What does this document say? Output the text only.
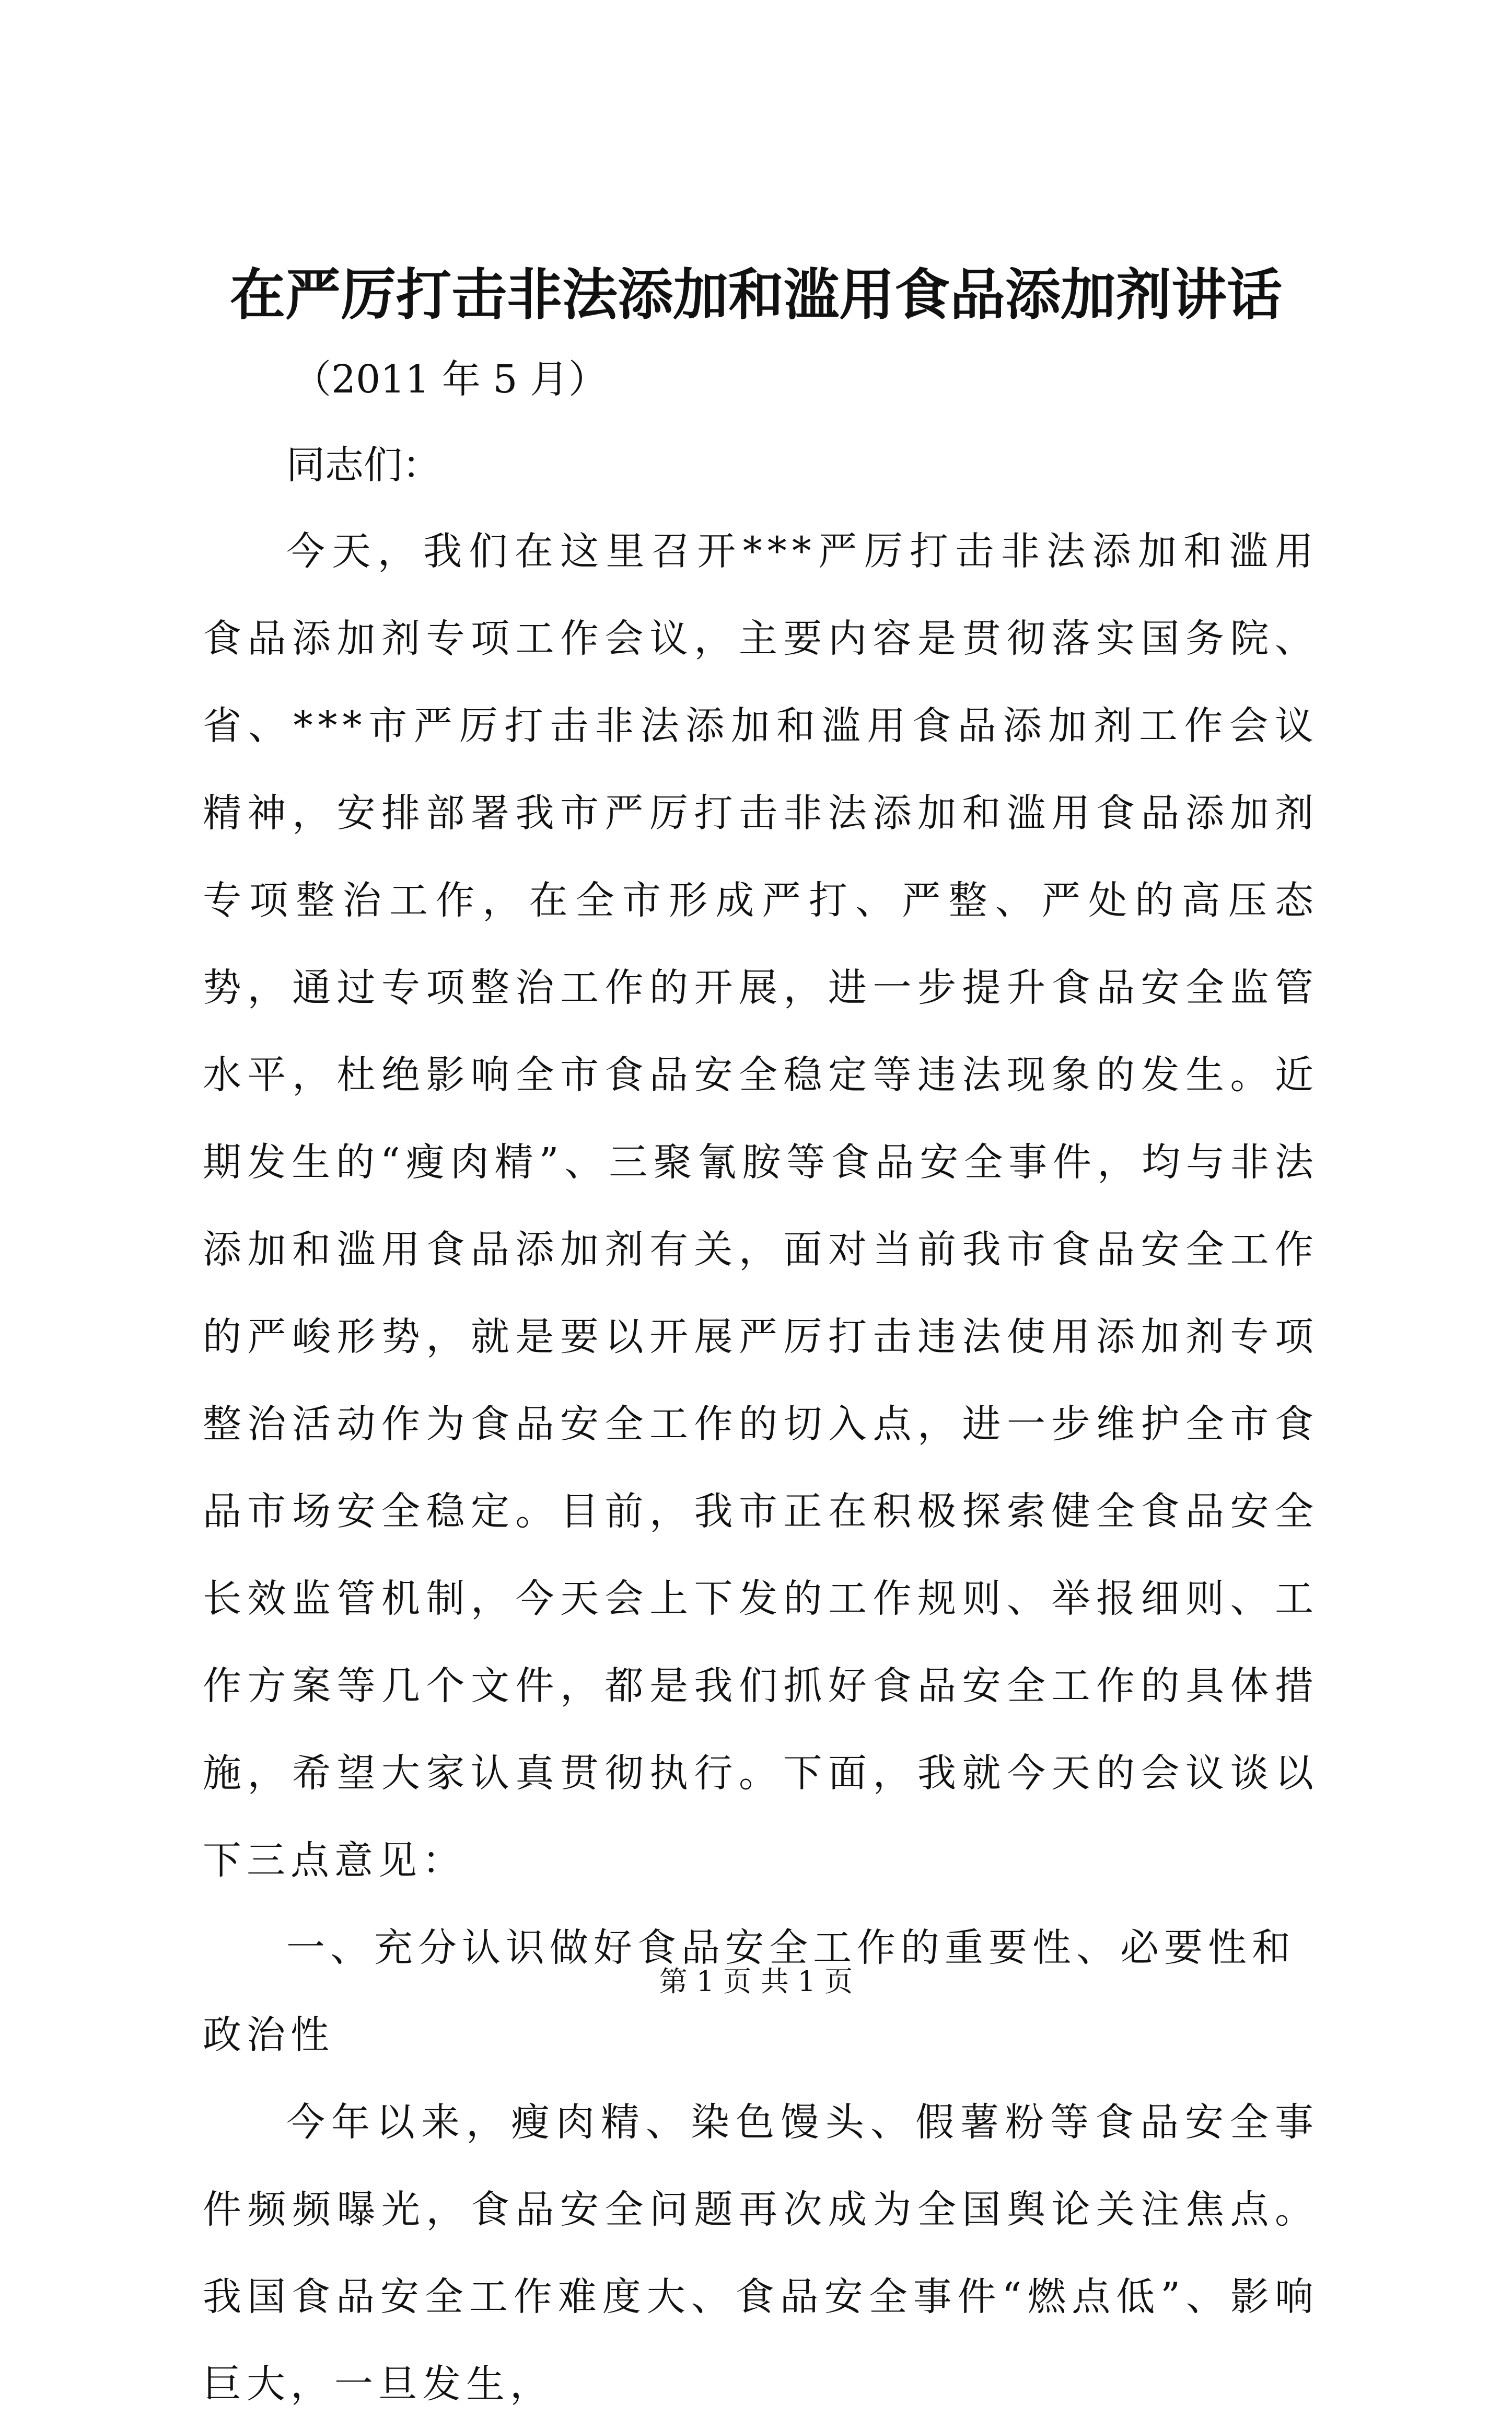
在严厉打击非法添加和滥用食品添加剂讲话
（2011 年 5 月）
同志们：

今天，我们在这里召开***严厉打击非法添加和滥用食品添加剂专项工作会议，主要内容是贯彻落实国务院、省、***市严厉打击非法添加和滥用食品添加剂工作会议精神，安排部署我市严厉打击非法添加和滥用食品添加剂专项整治工作，在全市形成严打、严整、严处的高压态势，通过专项整治工作的开展，进一步提升食品安全监管水平，杜绝影响全市食品安全稳定等违法现象的发生。近期发生的“瘦肉精”、三聚氰胺等食品安全事件，均与非法添加和滥用食品添加剂有关，面对当前我市食品安全工作的严峻形势，就是要以开展严厉打击违法使用添加剂专项整治活动作为食品安全工作的切入点，进一步维护全市食品市场安全稳定。目前，我市正在积极探索健全食品安全长效监管机制，今天会上下发的工作规则、举报细则、工作方案等几个文件，都是我们抓好食品安全工作的具体措施，希望大家认真贯彻执行。下面，我就今天的会议谈以下三点意见：

一、充分认识做好食品安全工作的重要性、必要性和政治性

今年以来，瘦肉精、染色馒头、假薯粉等食品安全事件频频曝光，食品安全问题再次成为全国舆论关注焦点。我国食品安全工作难度大、食品安全事件“燃点低”、影响巨大，一旦发生，

第 1 页 共 1 页
